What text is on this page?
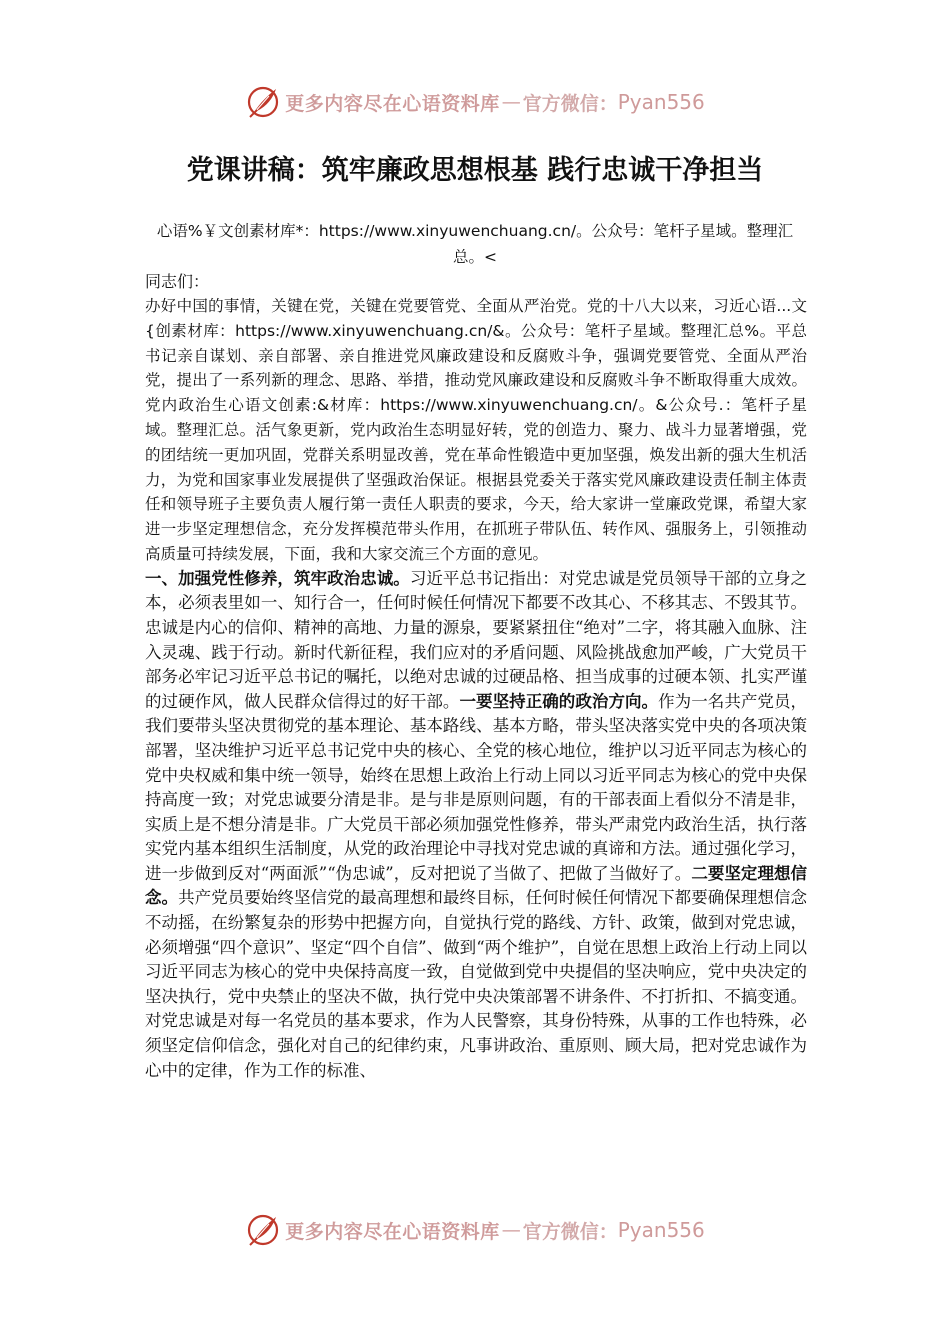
更多内容尽在心语资料库 — 官方微信： Pyan556
党课讲稿：筑牢廉政思想根基 践行忠诚干净担当
心语%￥文创素材库*：https://www.xinyuwenchuang.cn/。公众号：笔杆子星域。整理汇总。<

同志们：

办好中国的事情，关键在党，关键在党要管党、全面从严治党。党的十八大以来，习近心语...文{创素材库：https://www.xinyuwenchuang.cn/&。公众号：笔杆子星域。整理汇总%。平总书记亲自谋划、亲自部署、亲自推进党风廉政建设和反腐败斗争，强调党要管党、全面从严治党，提出了一系列新的理念、思路、举措，推动党风廉政建设和反腐败斗争不断取得重大成效。党内政治生心语文创素:&材库：https://www.xinyuwenchuang.cn/。&公众号.：笔杆子星域。整理汇总。活气象更新，党内政治生态明显好转，党的创造力、聚力、战斗力显著增强，党的团结统一更加巩固，党群关系明显改善，党在革命性锻造中更加坚强，焕发出新的强大生机活力，为党和国家事业发展提供了坚强政治保证。根据县党委关于落实党风廉政建设责任制主体责任和领导班子主要负责人履行第一责任人职责的要求，今天，给大家讲一堂廉政党课，希望大家进一步坚定理想信念，充分发挥模范带头作用，在抓班子带队伍、转作风、强服务上，引领推动高质量可持续发展，下面，我和大家交流三个方面的意见。

一、加强党性修养，筑牢政治忠诚。习近平总书记指出：对党忠诚是党员领导干部的立身之本，必须表里如一、知行合一，任何时候任何情况下都要不改其心、不移其志、不毁其节。忠诚是内心的信仰、精神的高地、力量的源泉，要紧紧扭住“绝对”二字，将其融入血脉、注入灵魂、践于行动。新时代新征程，我们应对的矛盾问题、风险挑战愈加严峻，广大党员干部务必牢记习近平总书记的嘱托，以绝对忠诚的过硬品格、担当成事的过硬本领、扎实严谨的过硬作风，做人民群众信得过的好干部。一要坚持正确的政治方向。作为一名共产党员，我们要带头坚决贯彻党的基本理论、基本路线、基本方略，带头坚决落实党中央的各项决策部署，坚决维护习近平总书记党中央的核心、全党的核心地位，维护以习近平同志为核心的党中央权威和集中统一领导，始终在思想上政治上行动上同以习近平同志为核心的党中央保持高度一致；对党忠诚要分清是非。是与非是原则问题，有的干部表面上看似分不清是非，实质上是不想分清是非。广大党员干部必须加强党性修养，带头严肃党内政治生活，执行落实党内基本组织生活制度，从党的政治理论中寻找对党忠诚的真谛和方法。通过强化学习，进一步做到反对“两面派”“伪忠诚”，反对把说了当做了、把做了当做好了。二要坚定理想信念。共产党员要始终坚信党的最高理想和最终目标，任何时候任何情况下都要确保理想信念不动摇，在纷繁复杂的形势中把握方向，自觉执行党的路线、方针、政策，做到对党忠诚，必须增强“四个意识”、坚定“四个自信”、做到“两个维护”，自觉在思想上政治上行动上同以习近平同志为核心的党中央保持高度一致，自觉做到党中央提倡的坚决响应，党中央决定的坚决执行，党中央禁止的坚决不做，执行党中央决策部署不讲条件、不打折扣、不搞变通。对党忠诚是对每一名党员的基本要求，作为人民警察，其身份特殊，从事的工作也特殊，必须坚定信仰信念，强化对自己的纪律约束，凡事讲政治、重原则、顾大局，把对党忠诚作为心中的定律，作为工作的标准、

更多内容尽在心语资料库 — 官方微信： Pyan556
